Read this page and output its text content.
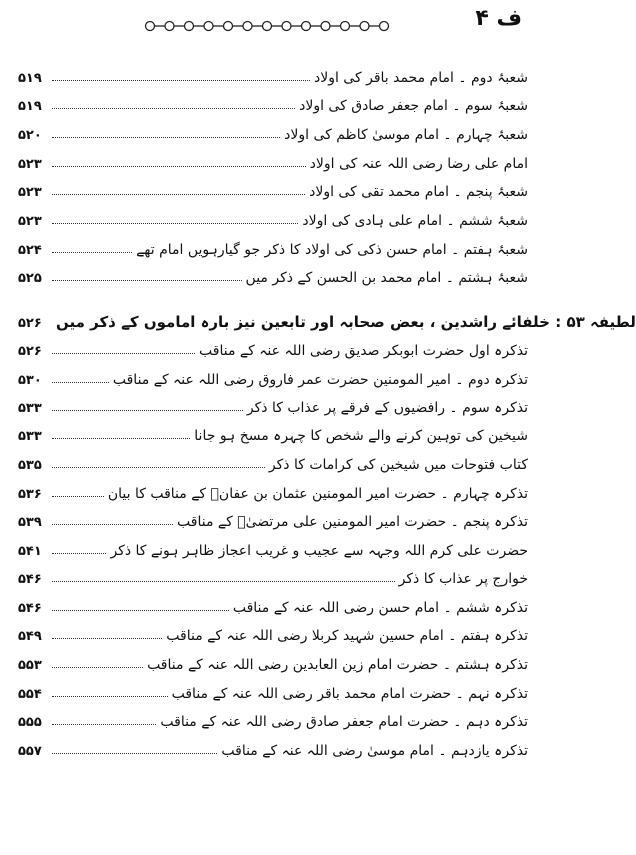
ف ۴
۵۱۹	شعبۂ دوم ۔ امام محمد باقر کی اولاد
۵۱۹	شعبۂ سوم ۔ امام جعفر صادق کی اولاد
۵۲۰	شعبۂ چہارم ۔ امام موسیٰ کاظم کی اولاد
۵۲۳	امام علی رضا رضی اللہ عنہ کی اولاد
۵۲۳	شعبۂ پنجم ۔ امام محمد تقی کی اولاد
۵۲۳	شعبۂ ششم ۔ امام علی ہادی کی اولاد
۵۲۴	شعبۂ ہفتم ۔ امام حسن ذکی کی اولاد کا ذکر جو گیارہویں امام تھے
۵۲۵	شعبۂ ہشتم ۔ امام محمد بن الحسن کے ذکر میں
۵۲۶ لطیفہ ۵۳ : خلفائے راشدین ، بعض صحابہ اور تابعین نیز بارہ اماموں کے ذکر میں
۵۲۶	تذکرہ اول حضرت ابوبکر صدیق رضی اللہ عنہ کے مناقب
۵۳۰	تذکرہ دوم ۔ امیر المومنین حضرت عمر فاروق رضی اللہ عنہ کے مناقب
۵۳۳	تذکرہ سوم ۔ رافضیوں کے فرقے پر عذاب کا ذکر
۵۳۳	شیخین کی توہین کرنے والے شخص کا چہرہ مسخ ہو جانا
۵۳۵	کتاب فتوحات میں شیخین کی کرامات کا ذکر
۵۳۶	تذکرہ چہارم ۔ حضرت امیر المومنین عثمان بن عفانؓ کے مناقب کا بیان
۵۳۹	تذکرہ پنجم ۔ حضرت امیر المومنین علی مرتضیٰؓ کے مناقب
۵۴۱	حضرت علی کرم اللہ وجہہ سے عجیب و غریب اعجاز ظاہر ہونے کا ذکر
۵۴۶	خوارج پر عذاب کا ذکر
۵۴۶	تذکرہ ششم ۔ امام حسن رضی اللہ عنہ کے مناقب
۵۴۹	تذکرہ ہفتم ۔ امام حسین شہید کربلا رضی اللہ عنہ کے مناقب
۵۵۳	تذکرہ ہشتم ۔ حضرت امام زین العابدین رضی اللہ عنہ کے مناقب
۵۵۴	تذکرہ نہم ۔ حضرت امام محمد باقر رضی اللہ عنہ کے مناقب
۵۵۵	تذکرہ دہم ۔ حضرت امام جعفر صادق رضی اللہ عنہ کے مناقب
۵۵۷	تذکرہ یازدہم ۔ امام موسیٰ رضی اللہ عنہ کے مناقب
